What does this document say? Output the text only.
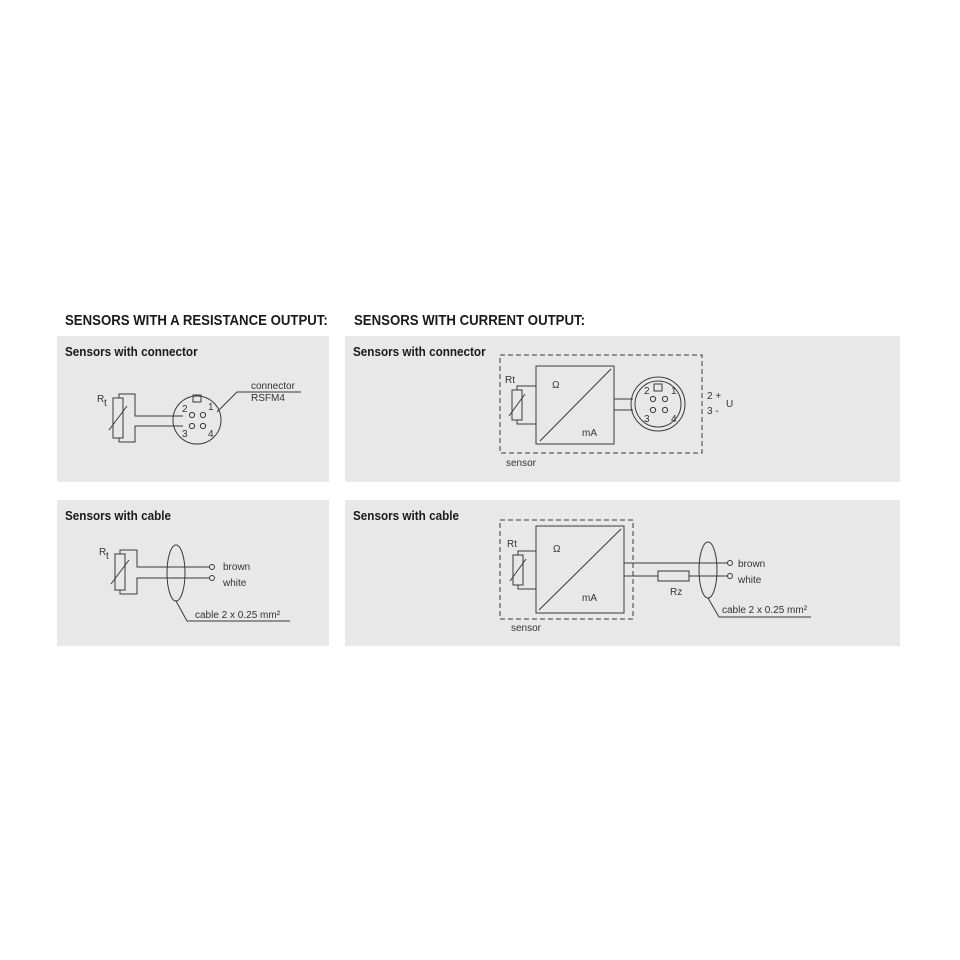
SENSORS WITH A RESISTANCE OUTPUT: SENSORS WITH CURRENT OUTPUT:
Sensors with connector
R t
2 1
3 4
connector
RSFM4
Sensors with connector
sensor
Rt	Ω
mA
2 1
3 4
2 +
3 -
U
Sensors with cable
R t
brown
white
cable 2 x 0.25 mm²
Sensors with cable
sensor
Rt	Ω
mA
Rz
brown
white
cable 2 x 0.25 mm²
